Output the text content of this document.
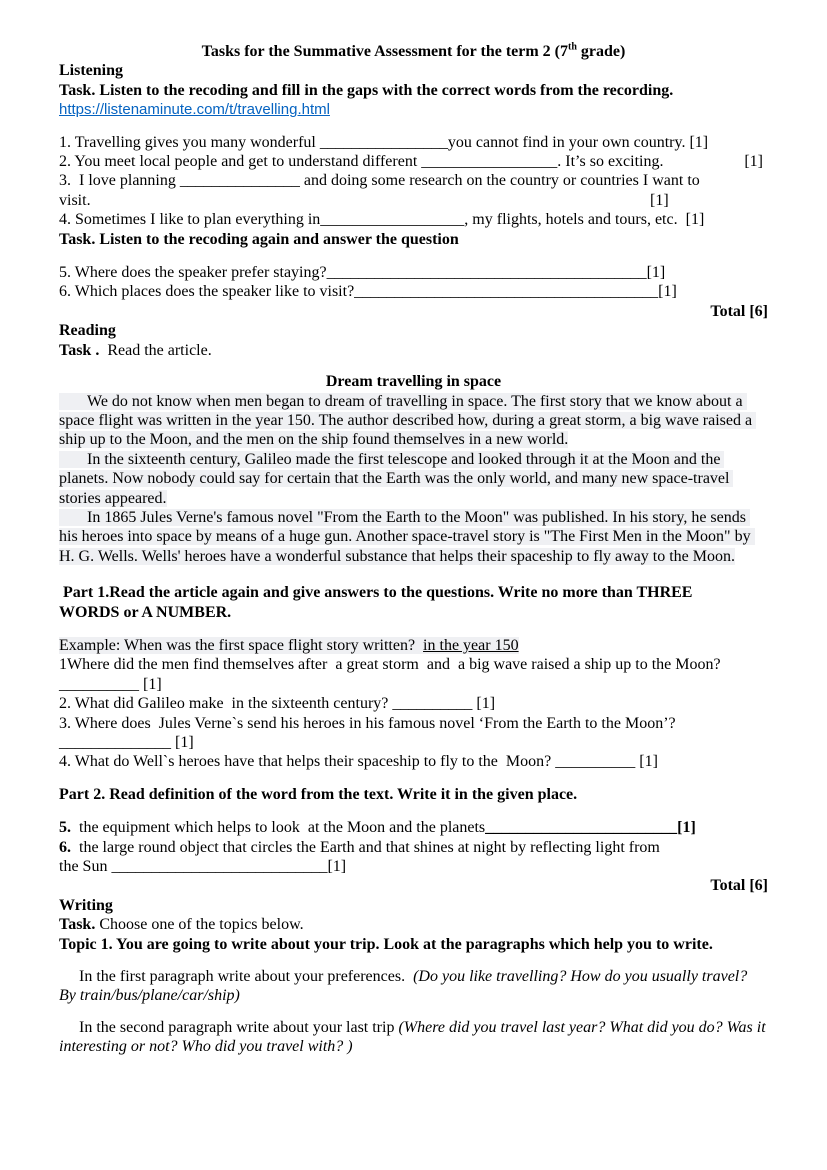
Tasks for the Summative Assessment for the term 2 (7th grade)
Listening
Task. Listen to the recoding and fill in the gaps with the correct words from the recording.
https://listenaminute.com/t/travelling.html
1. Travelling gives you many wonderful ________________you cannot find in your own country. [1]
2. You meet local people and get to understand different _________________. It’s so exciting.	[1]
3.  I love planning _______________ and doing some research on the country or countries I want to
visit.	[1]
4. Sometimes I like to plan everything in__________________, my flights, hotels and tours, etc.  [1]
Task. Listen to the recoding again and answer the question
5. Where does the speaker prefer staying?________________________________________[1]
6. Which places does the speaker like to visit?______________________________________[1]
Total [6]
Reading
Task .  Read the article.
Dream travelling in space
We do not know when men began to dream of travelling in space. The first story that we know about a space flight was written in the year 150. The author described how, during a great storm, a big wave raised a ship up to the Moon, and the men on the ship found themselves in a new world.
In the sixteenth century, Galileo made the first telescope and looked through it at the Moon and the planets. Now nobody could say for certain that the Earth was the only world, and many new space-travel stories appeared.
In 1865 Jules Verne's famous novel "From the Earth to the Moon" was published. In his story, he sends his heroes into space by means of a huge gun. Another space-travel story is "The First Men in the Moon" by H. G. Wells. Wells' heroes have a wonderful substance that helps their spaceship to fly away to the Moon.
Part 1.Read the article again and give answers to the questions. Write no more than THREE
WORDS or A NUMBER.
Example: When was the first space flight story written?  in the year 150
1Where did the men find themselves after  a great storm  and  a big wave raised a ship up to the Moon?
__________ [1]
2. What did Galileo make  in the sixteenth century? __________ [1]
3. Where does  Jules Verne`s send his heroes in his famous novel ‘From the Earth to the Moon’?
______________ [1]
4. What do Well`s heroes have that helps their spaceship to fly to the  Moon? __________ [1]
Part 2. Read definition of the word from the text. Write it in the given place.
5.  the equipment which helps to look  at the Moon and the planets________________________[1]
6.  the large round object that circles the Earth and that shines at night by reflecting light from
the Sun ___________________________[1]
Total [6]
Writing
Task. Choose one of the topics below.
Topic 1. You are going to write about your trip. Look at the paragraphs which help you to write.
In the first paragraph write about your preferences.  (Do you like travelling? How do you usually travel? By train/bus/plane/car/ship)
In the second paragraph write about your last trip (Where did you travel last year? What did you do? Was it interesting or not? Who did you travel with? )
